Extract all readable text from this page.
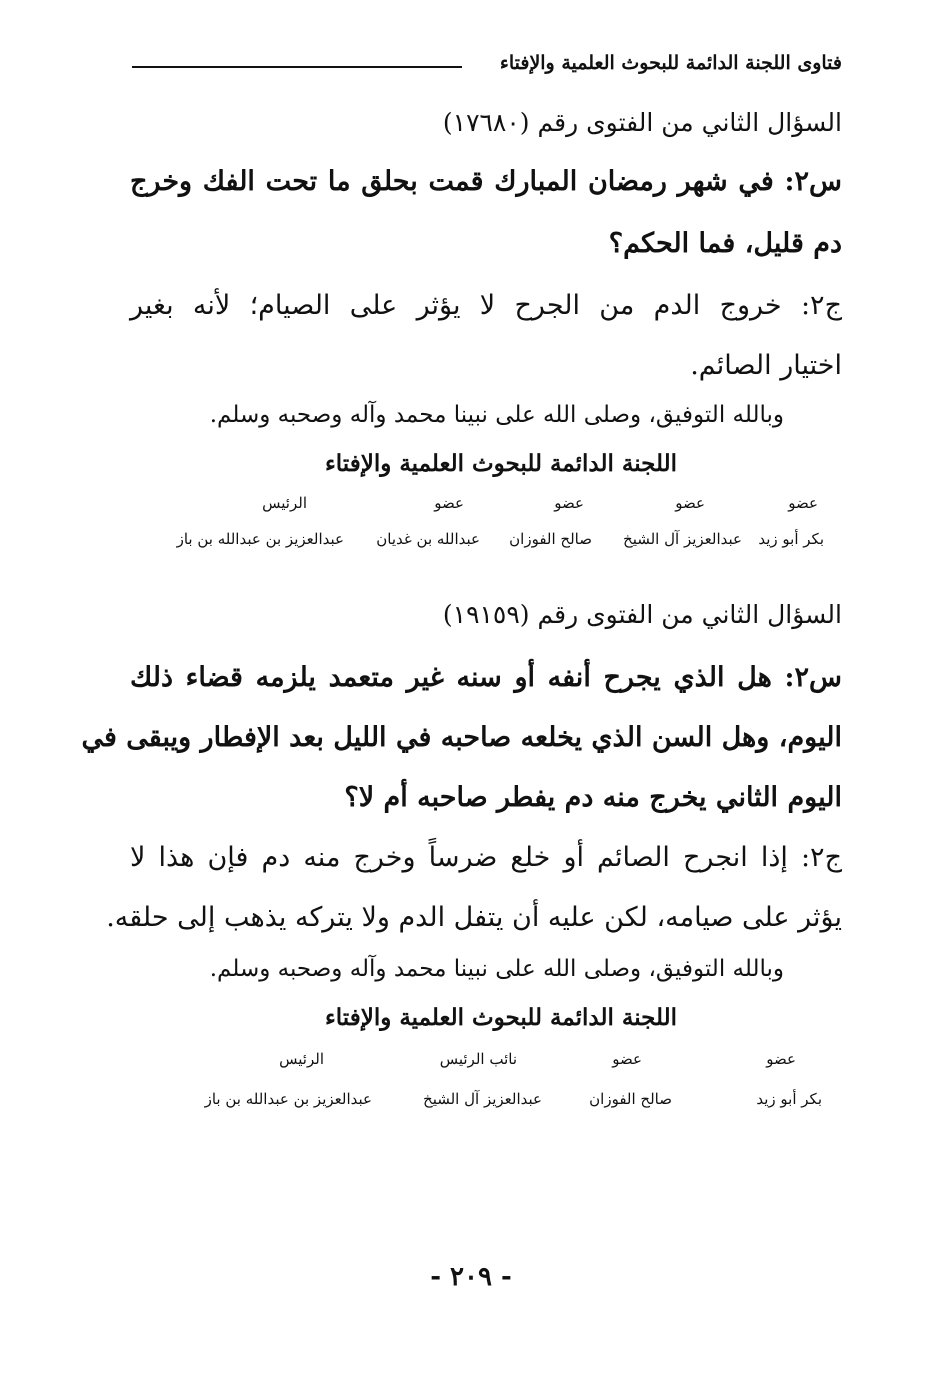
فتاوى اللجنة الدائمة للبحوث العلمية والإفتاء
السؤال الثاني من الفتوى رقم (١٧٦٨٠)
س٢: في شهر رمضان المبارك قمت بحلق ما تحت الفك وخرج
دم قليل، فما الحكم؟
ج٢: خروج الدم من الجرح لا يؤثر على الصيام؛ لأنه بغير
اختيار الصائم.
وبالله التوفيق، وصلى الله على نبينا محمد وآله وصحبه وسلم.
اللجنة الدائمة للبحوث العلمية والإفتاء
عضو
بكر أبو زيد
عضو
عبدالعزيز آل الشيخ
عضو
صالح الفوزان
عضو
عبدالله بن غديان
الرئيس
عبدالعزيز بن عبدالله بن باز
السؤال الثاني من الفتوى رقم (١٩١٥٩)
س٢: هل الذي يجرح أنفه أو سنه غير متعمد يلزمه قضاء ذلك
اليوم، وهل السن الذي يخلعه صاحبه في الليل بعد الإفطار ويبقى في
اليوم الثاني يخرج منه دم يفطر صاحبه أم لا؟
ج٢: إذا انجرح الصائم أو خلع ضرساً وخرج منه دم فإن هذا لا
يؤثر على صيامه، لكن عليه أن يتفل الدم ولا يتركه يذهب إلى حلقه.
وبالله التوفيق، وصلى الله على نبينا محمد وآله وصحبه وسلم.
اللجنة الدائمة للبحوث العلمية والإفتاء
عضو
بكر أبو زيد
عضو
صالح الفوزان
نائب الرئيس
عبدالعزيز آل الشيخ
الرئيس
عبدالعزيز بن عبدالله بن باز
- ٢٠٩ -
